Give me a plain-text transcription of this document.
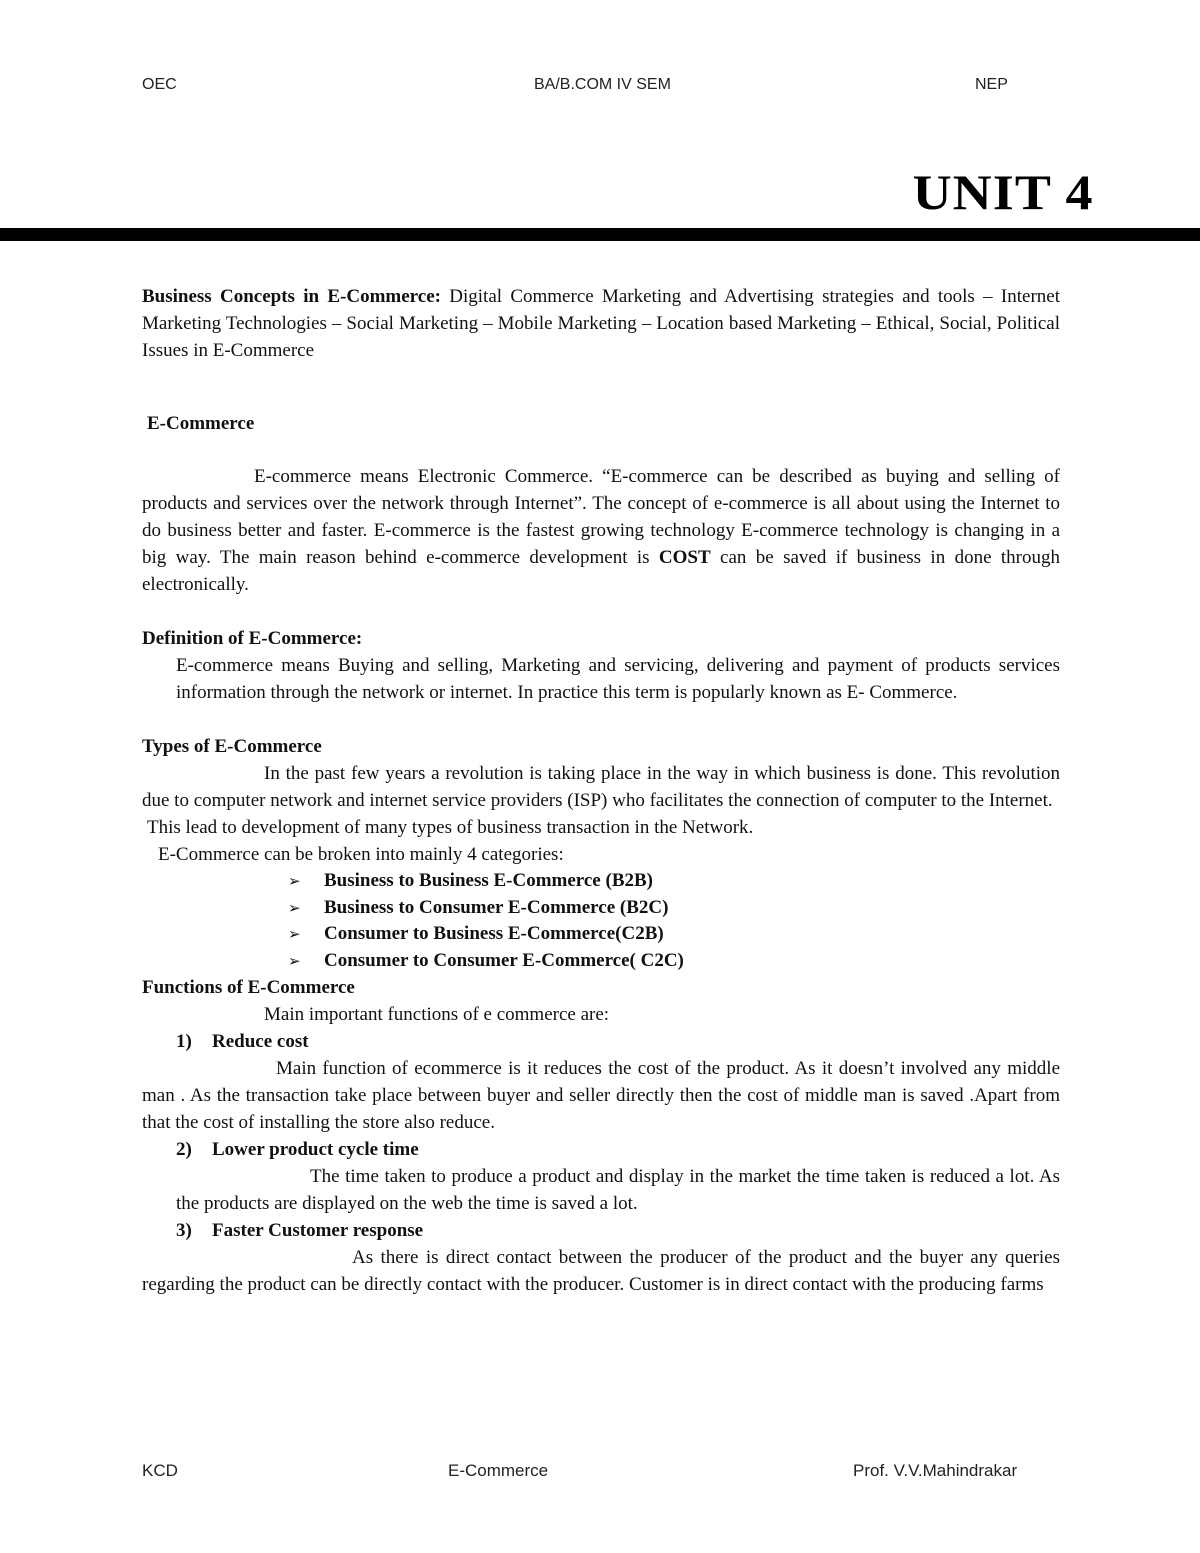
OEC	BA/B.COM IV SEM	NEP
UNIT 4

Business Concepts in E-Commerce: Digital Commerce Marketing and Advertising strategies and tools – Internet Marketing Technologies – Social Marketing – Mobile Marketing – Location based Marketing – Ethical, Social, Political Issues in E-Commerce

E-Commerce

E-commerce means Electronic Commerce. “E-commerce can be described as buying and selling of products and services over the network through Internet”. The concept of e-commerce is all about using the Internet to do business better and faster. E-commerce is the fastest growing technology E-commerce technology is changing in a big way. The main reason behind e-commerce development is COST can be saved if business in done through electronically.

Definition of E-Commerce:

E-commerce means Buying and selling, Marketing and servicing, delivering and payment of products services information through the network or internet. In practice this term is popularly known as E- Commerce.

Types of E-Commerce

In the past few years a revolution is taking place in the way in which business is done. This revolution due to computer network and internet service providers (ISP) who facilitates the connection of computer to the Internet.

This lead to development of many types of business transaction in the Network.

E-Commerce can be broken into mainly 4 categories:

➢ Business to Business E-Commerce (B2B)
➢ Business to Consumer E-Commerce (B2C)
➢ Consumer to Business E-Commerce(C2B)
➢ Consumer to Consumer E-Commerce( C2C)

Functions of E-Commerce

Main important functions of e commerce are:

1) Reduce cost

Main function of ecommerce is it reduces the cost of the product. As it doesn’t involved any middle man . As the transaction take place between buyer and seller directly then the cost of middle man is saved .Apart from that the cost of installing the store also reduce.

2) Lower product cycle time

The time taken to produce a product and display in the market the time taken is reduced a lot. As the products are displayed on the web the time is saved a lot.

3) Faster Customer response

As there is direct contact between the producer of the product and the buyer any queries regarding the product can be directly contact with the producer. Customer is in direct contact with the producing farms

KCD	E-Commerce	Prof. V.V.Mahindrakar
